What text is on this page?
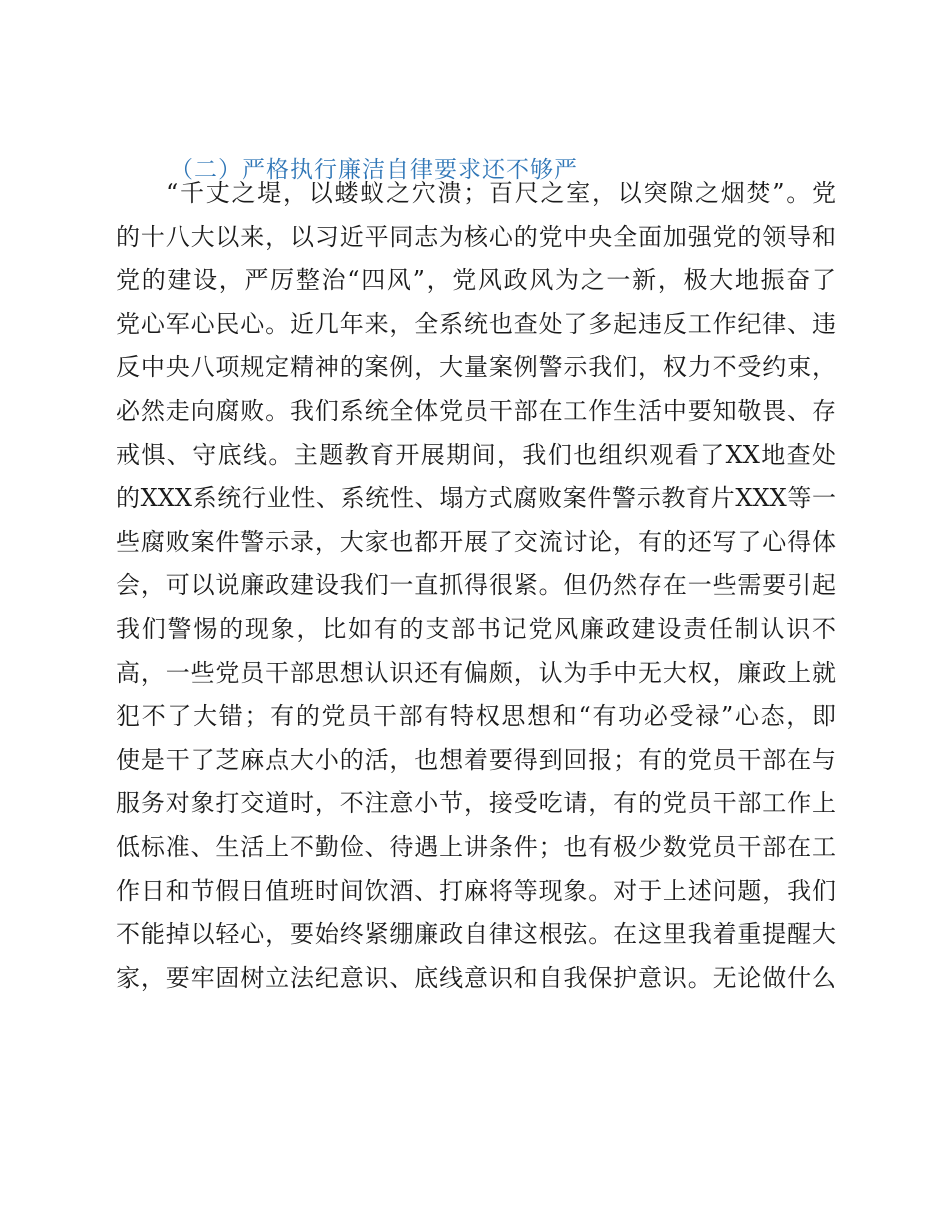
（二）严格执行廉洁自律要求还不够严
“千丈之堤，以蝼蚁之穴溃；百尺之室，以突隙之烟焚”。党
的十八大以来，以习近平同志为核心的党中央全面加强党的领导和
党的建设，严厉整治“四风”，党风政风为之一新，极大地振奋了
党心军心民心。近几年来，全系统也查处了多起违反工作纪律、违
反中央八项规定精神的案例，大量案例警示我们，权力不受约束，
必然走向腐败。我们系统全体党员干部在工作生活中要知敬畏、存
戒惧、守底线。主题教育开展期间，我们也组织观看了XX地查处
的XXX系统行业性、系统性、塌方式腐败案件警示教育片XXX等一
些腐败案件警示录，大家也都开展了交流讨论，有的还写了心得体
会，可以说廉政建设我们一直抓得很紧。但仍然存在一些需要引起
我们警惕的现象，比如有的支部书记党风廉政建设责任制认识不
高，一些党员干部思想认识还有偏颇，认为手中无大权，廉政上就
犯不了大错；有的党员干部有特权思想和“有功必受禄”心态，即
使是干了芝麻点大小的活，也想着要得到回报；有的党员干部在与
服务对象打交道时，不注意小节，接受吃请，有的党员干部工作上
低标准、生活上不勤俭、待遇上讲条件；也有极少数党员干部在工
作日和节假日值班时间饮酒、打麻将等现象。对于上述问题，我们
不能掉以轻心，要始终紧绷廉政自律这根弦。在这里我着重提醒大
家，要牢固树立法纪意识、底线意识和自我保护意识。无论做什么
